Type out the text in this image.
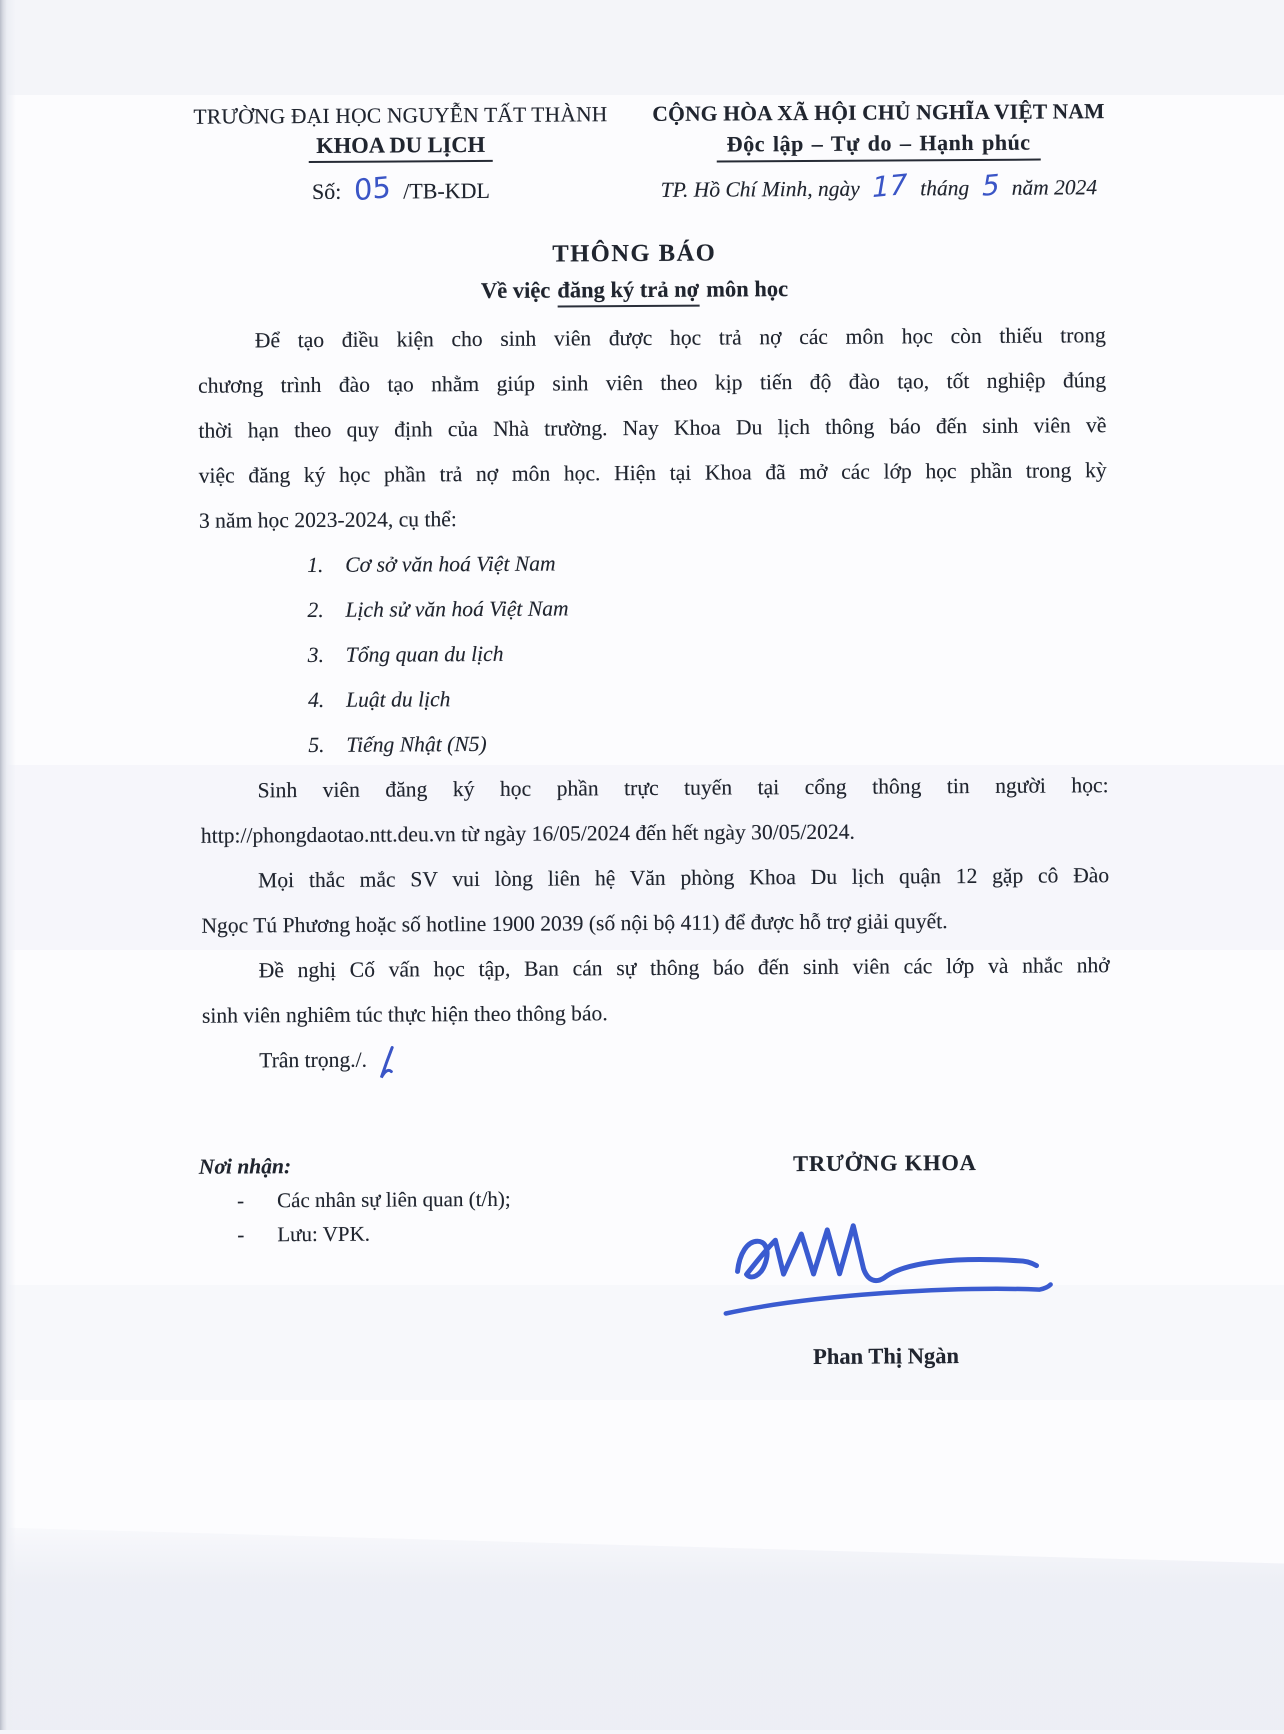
TRƯỜNG ĐẠI HỌC NGUYỄN TẤT THÀNH
KHOA DU LỊCH
Số: 05 /TB-KDL
CỘNG HÒA XÃ HỘI CHỦ NGHĨA VIỆT NAM
Độc lập – Tự do – Hạnh phúc
TP. Hồ Chí Minh, ngày 17 tháng 5 năm 2024
THÔNG BÁO
Về việc đăng ký trả nợ môn học
Để tạo điều kiện cho sinh viên được học trả nợ các môn học còn thiếu trong
chương trình đào tạo nhằm giúp sinh viên theo kịp tiến độ đào tạo, tốt nghiệp đúng
thời hạn theo quy định của Nhà trường. Nay Khoa Du lịch thông báo đến sinh viên về
việc đăng ký học phần trả nợ môn học. Hiện tại Khoa đã mở các lớp học phần trong kỳ
3 năm học 2023-2024, cụ thể:
1.	Cơ sở văn hoá Việt Nam
2.	Lịch sử văn hoá Việt Nam
3.	Tổng quan du lịch
4.	Luật du lịch
5.	Tiếng Nhật (N5)
Sinh viên đăng ký học phần trực tuyến tại cổng thông tin người học:
http://phongdaotao.ntt.deu.vn từ ngày 16/05/2024 đến hết ngày 30/05/2024.
Mọi thắc mắc SV vui lòng liên hệ Văn phòng Khoa Du lịch quận 12 gặp cô Đào
Ngọc Tú Phương hoặc số hotline 1900 2039 (số nội bộ 411) để được hỗ trợ giải quyết.
Đề nghị Cố vấn học tập, Ban cán sự thông báo đến sinh viên các lớp và nhắc nhở
sinh viên nghiêm túc thực hiện theo thông báo.
Trân trọng./.
Nơi nhận:
-	Các nhân sự liên quan (t/h);
-	Lưu: VPK.
TRƯỞNG KHOA
Phan Thị Ngàn
